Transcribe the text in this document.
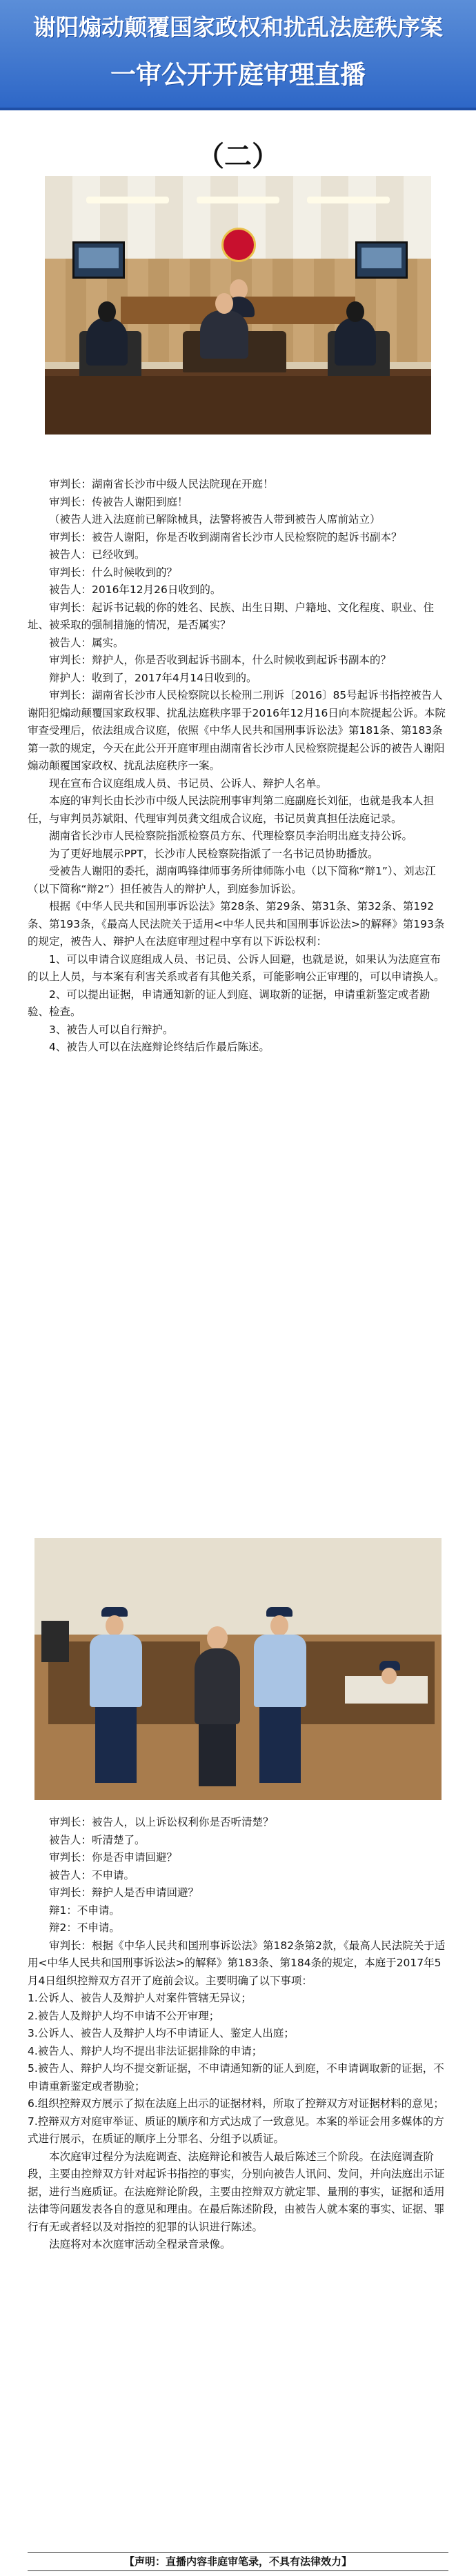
谢阳煽动颠覆国家政权和扰乱法庭秩序案
一审公开开庭审理直播
（二）

审判长：湖南省长沙市中级人民法院现在开庭！

审判长：传被告人谢阳到庭！

（被告人进入法庭前已解除械具，法警将被告人带到被告人席前站立）

审判长：被告人谢阳，你是否收到湖南省长沙市人民检察院的起诉书副本？

被告人：已经收到。

审判长：什么时候收到的？

被告人：2016年12月26日收到的。

审判长：起诉书记载的你的姓名、民族、出生日期、户籍地、文化程度、职业、住址、被采取的强制措施的情况，是否属实？

被告人：属实。

审判长：辩护人，你是否收到起诉书副本，什么时候收到起诉书副本的？

辩护人：收到了，2017年4月14日收到的。

审判长：湖南省长沙市人民检察院以长检刑二刑诉〔2016〕85号起诉书指控被告人谢阳犯煽动颠覆国家政权罪、扰乱法庭秩序罪于2016年12月16日向本院提起公诉。本院审查受理后，依法组成合议庭，依照《中华人民共和国刑事诉讼法》第181条、第183条第一款的规定，今天在此公开开庭审理由湖南省长沙市人民检察院提起公诉的被告人谢阳煽动颠覆国家政权、扰乱法庭秩序一案。

现在宣布合议庭组成人员、书记员、公诉人、辩护人名单。

本庭的审判长由长沙市中级人民法院刑事审判第二庭副庭长刘征，也就是我本人担任，与审判员苏斌阳、代理审判员龚文组成合议庭，书记员黄真担任法庭记录。

湖南省长沙市人民检察院指派检察员方东、代理检察员李治明出庭支持公诉。

为了更好地展示PPT，长沙市人民检察院指派了一名书记员协助播放。

受被告人谢阳的委托，湖南鸣锋律师事务所律师陈小电（以下简称“辩1”）、刘志江（以下简称“辩2”）担任被告人的辩护人，到庭参加诉讼。

根据《中华人民共和国刑事诉讼法》第28条、第29条、第31条、第32条、第192条、第193条，《最高人民法院关于适用<中华人民共和国刑事诉讼法>的解释》第193条的规定，被告人、辩护人在法庭审理过程中享有以下诉讼权利：

1、可以申请合议庭组成人员、书记员、公诉人回避，也就是说，如果认为法庭宣布的以上人员，与本案有利害关系或者有其他关系，可能影响公正审理的，可以申请换人。

2、可以提出证据，申请通知新的证人到庭、调取新的证据，申请重新鉴定或者勘验、检查。

3、被告人可以自行辩护。

4、被告人可以在法庭辩论终结后作最后陈述。

审判长：被告人，以上诉讼权利你是否听清楚？

被告人：听清楚了。

审判长：你是否申请回避？

被告人：不申请。

审判长：辩护人是否申请回避？

辩1：不申请。

辩2：不申请。

审判长：根据《中华人民共和国刑事诉讼法》第182条第2款，《最高人民法院关于适用<中华人民共和国刑事诉讼法>的解释》第183条、第184条的规定，本庭于2017年5月4日组织控辩双方召开了庭前会议。主要明确了以下事项：

1.公诉人、被告人及辩护人对案件管辖无异议；

2.被告人及辩护人均不申请不公开审理；

3.公诉人、被告人及辩护人均不申请证人、鉴定人出庭；

4.被告人、辩护人均不提出非法证据排除的申请；

5.被告人、辩护人均不提交新证据，不申请通知新的证人到庭，不申请调取新的证据，不申请重新鉴定或者勘验；

6.组织控辩双方展示了拟在法庭上出示的证据材料，所取了控辩双方对证据材料的意见；

7.控辩双方对庭审举证、质证的顺序和方式达成了一致意见。本案的举证会用多媒体的方式进行展示，在质证的顺序上分罪名、分组予以质证。

本次庭审过程分为法庭调查、法庭辩论和被告人最后陈述三个阶段。在法庭调查阶段，主要由控辩双方针对起诉书指控的事实，分别向被告人讯问、发问，并向法庭出示证据，进行当庭质证。在法庭辩论阶段，主要由控辩双方就定罪、量刑的事实，证据和适用法律等问题发表各自的意见和理由。在最后陈述阶段，由被告人就本案的事实、证据、罪行有无或者轻以及对指控的犯罪的认识进行陈述。

法庭将对本次庭审活动全程录音录像。

【声明：直播内容非庭审笔录，不具有法律效力】
